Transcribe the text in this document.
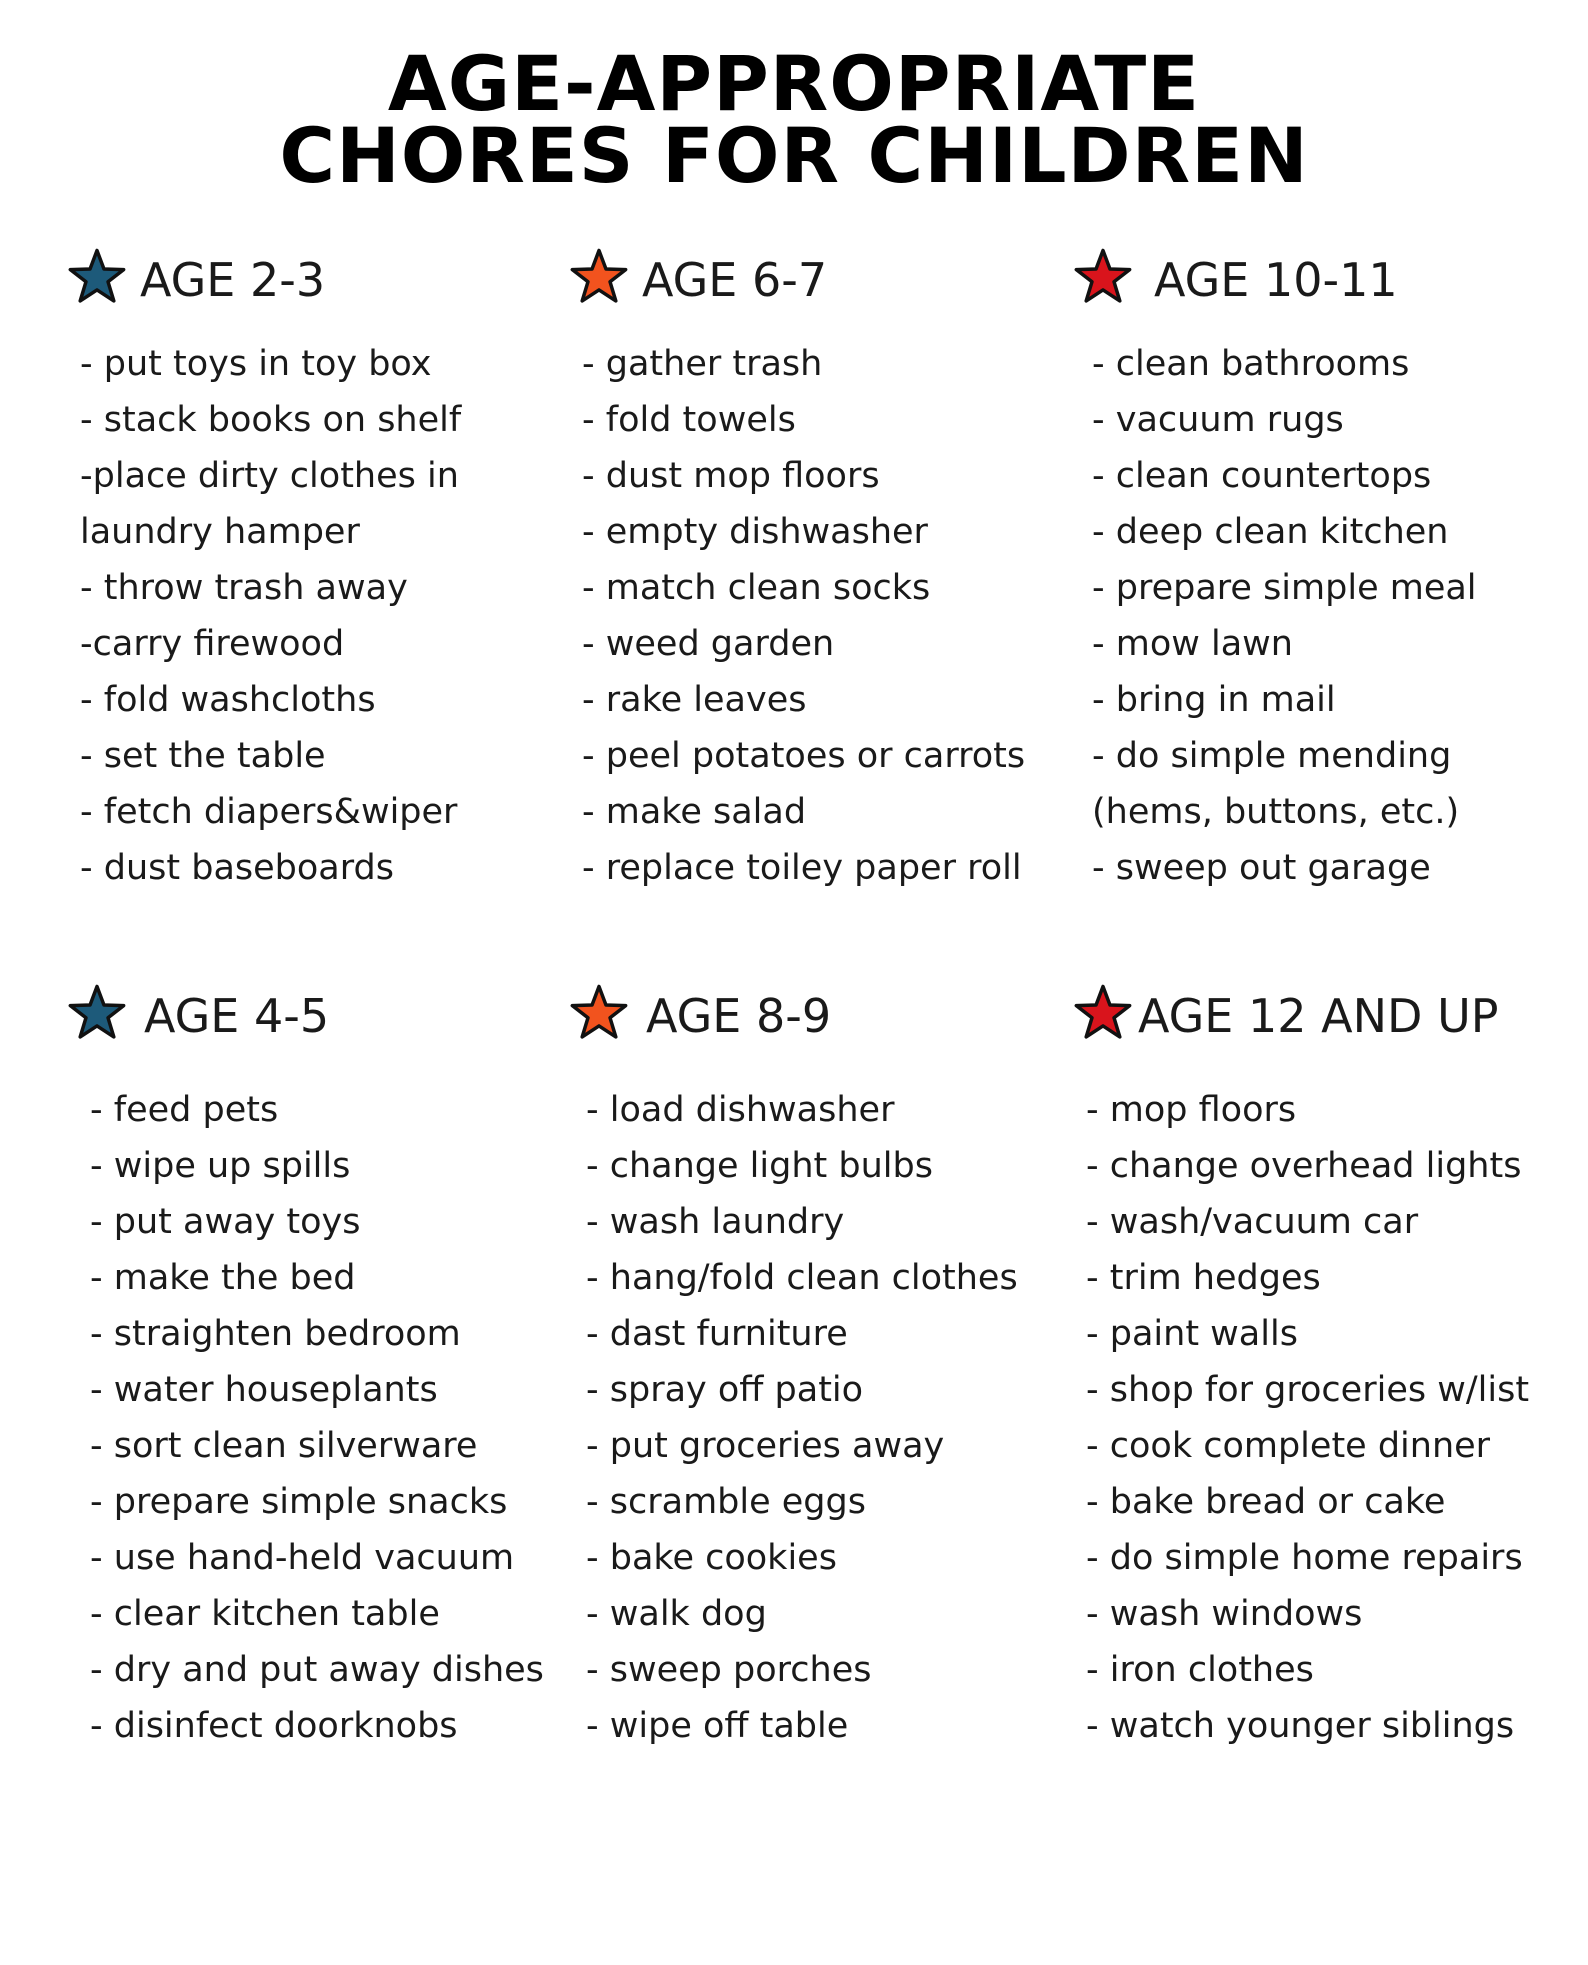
AGE-APPROPRIATE
CHORES FOR CHILDREN
AGE 2-3
- put toys in toy box
- stack books on shelf
-place dirty clothes in
laundry hamper
- throw trash away
-carry firewood
- fold washcloths
- set the table
- fetch diapers&wiper
- dust baseboards
AGE 6-7
- gather trash
- fold towels
- dust mop floors
- empty dishwasher
- match clean socks
- weed garden
- rake leaves
- peel potatoes or carrots
- make salad
- replace toiley paper roll
AGE 10-11
- clean bathrooms
- vacuum rugs
- clean countertops
- deep clean kitchen
- prepare simple meal
- mow lawn
- bring in mail
- do simple mending
(hems, buttons, etc.)
- sweep out garage
AGE 4-5
- feed pets
- wipe up spills
- put away toys
- make the bed
- straighten bedroom
- water houseplants
- sort clean silverware
- prepare simple snacks
- use hand-held vacuum
- clear kitchen table
- dry and put away dishes
- disinfect doorknobs
AGE 8-9
- load dishwasher
- change light bulbs
- wash laundry
- hang/fold clean clothes
- dast furniture
- spray off patio
- put groceries away
- scramble eggs
- bake cookies
- walk dog
- sweep porches
- wipe off table
AGE 12 AND UP
- mop floors
- change overhead lights
- wash/vacuum car
- trim hedges
- paint walls
- shop for groceries w/list
- cook complete dinner
- bake bread or cake
- do simple home repairs
- wash windows
- iron clothes
- watch younger siblings
